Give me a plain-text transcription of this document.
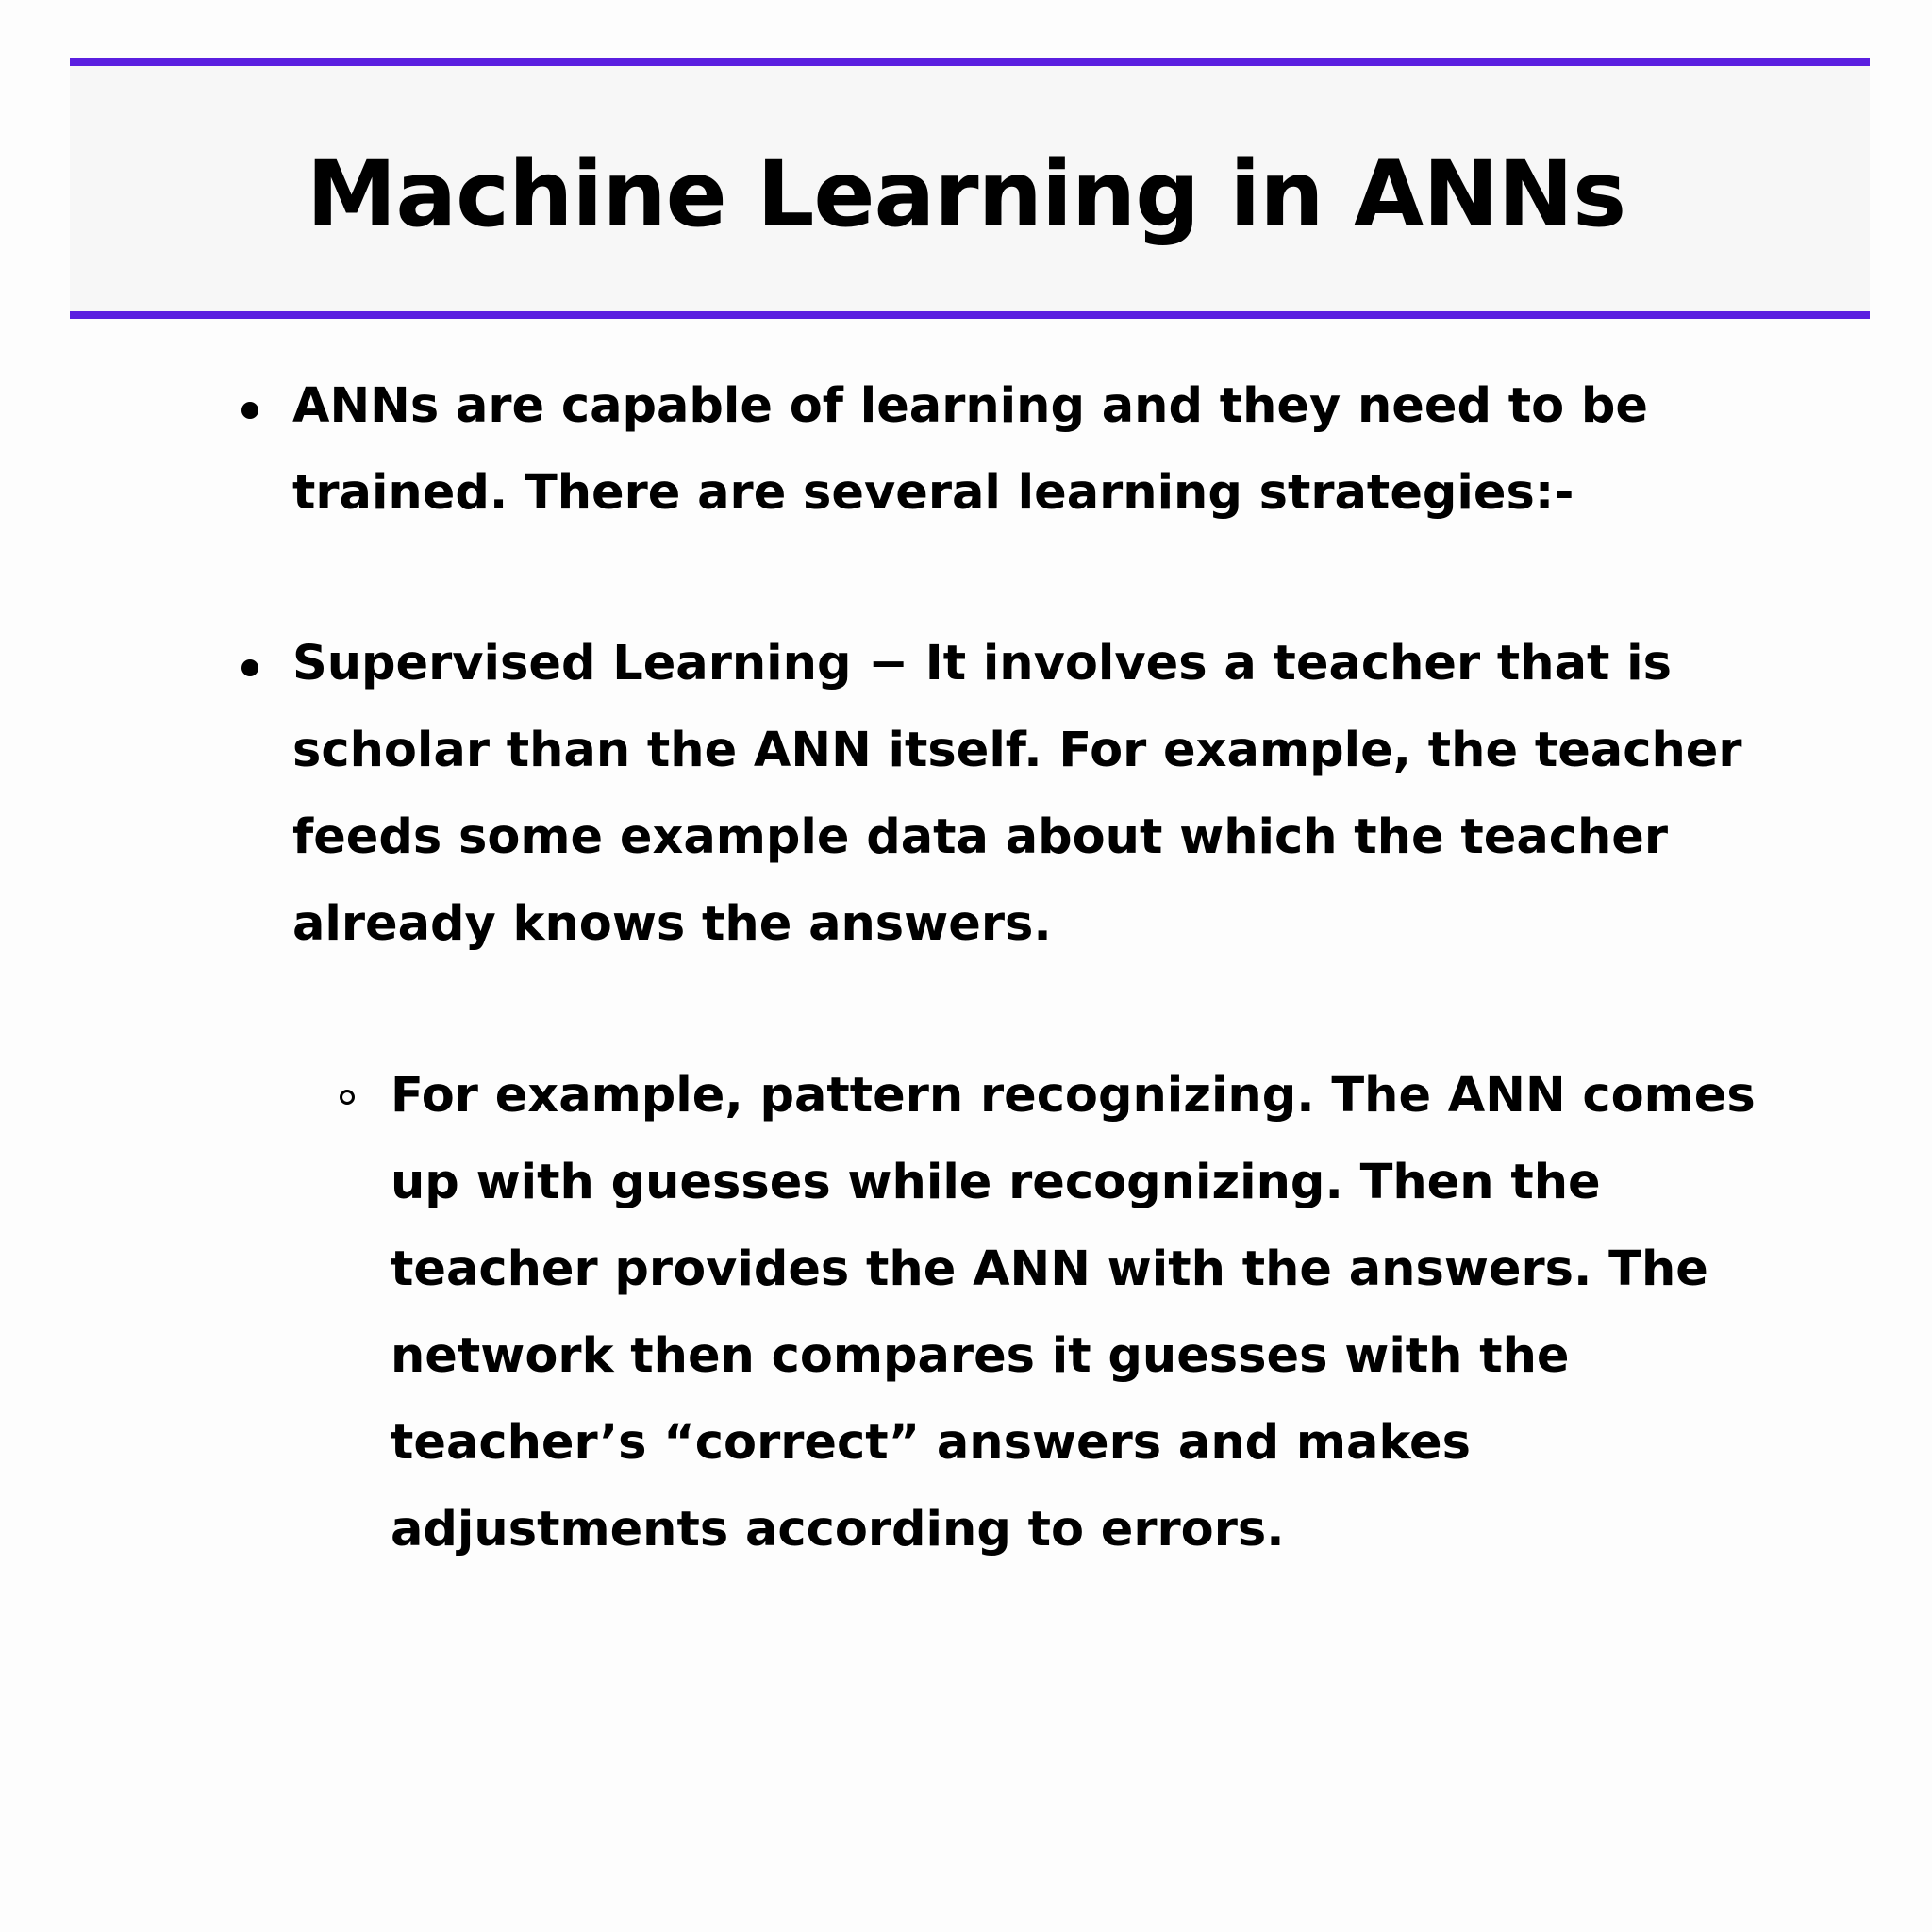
Machine Learning in ANNs
ANNs are capable of learning and they need to be trained. There are several learning strategies:-
Supervised Learning − It involves a teacher that is scholar than the ANN itself. For example, the teacher feeds some example data about which the teacher already knows the answers.
For example, pattern recognizing. The ANN comes up with guesses while recognizing. Then the teacher provides the ANN with the answers. The network then compares it guesses with the teacher’s “correct” answers and makes adjustments according to errors.
